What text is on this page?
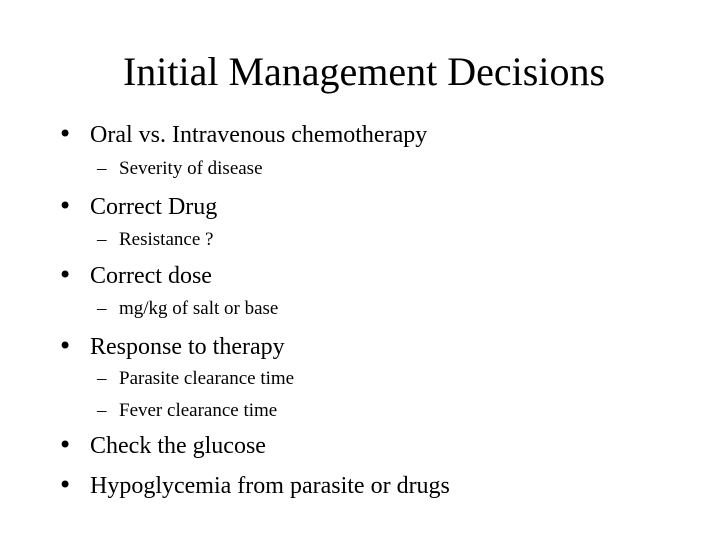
Initial Management Decisions
• Oral vs. Intravenous chemotherapy
– Severity of disease
• Correct Drug
– Resistance ?
• Correct dose
– mg/kg of salt or base
• Response to therapy
– Parasite clearance time
– Fever clearance time
• Check the glucose
• Hypoglycemia from parasite or drugs
